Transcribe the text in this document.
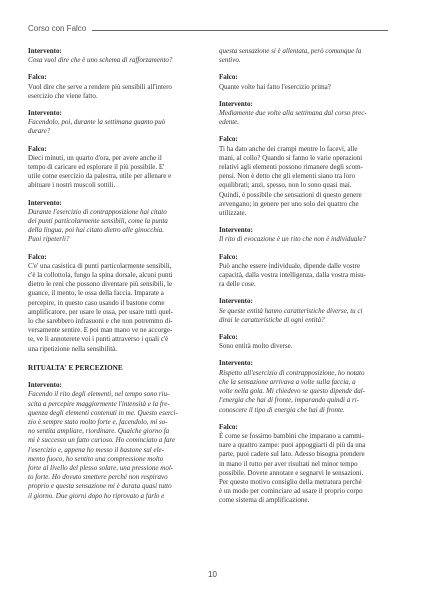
Corso con Falco
Intervento:
Cosa vuol dire che è uno schema di rafforzamento?
Falco:
Vuol dire che serve a rendere più sensibili all'intero
esercizio che viene fatto.
Intervento:
Facendolo, poi, durante la settimana quanto può
durare?
Falco:
Dieci minuti, un quarto d'ora, per avere anche il
tempo di caricare ed esplorare il più possibile. E'
utile come esercizio da palestra, utile per allenare e
abituare i nostri muscoli sottili.
Intervento:
Durante l'esercizio di contrapposizione hai citato
dei punti particolarmente sensibili, come la punta
della lingua, poi hai citato dietro alle ginocchia.
Puoi ripeterli?
Falco:
C'e' una casistica di punti particolarmente sensibili,
c'è la collottola, fungo la spina dorsale, alcuni punti
dietro le reni che possono diventare più sensibili, le
guance, il mento, le ossa della faccia. Imparate a
percepire, in questo caso usando il bastone come
amplificatore, per usare le ossa, per usare tutti quel-
lo che sarebbero infrasuoni e che non potremmo di-
versamente sentire. E poi man mano ve ne accorge-
te, ve li annoterete voi i punti attraverso i quali c'è
una ripetizione nella sensibilità.
RITUALTA' E PERCEZIONE
Intervento:
Facendo il rito degli elementi, nel tempo sono riu-
scita a percepire maggiormente l'intensità e la fre-
quenza degli elementi contenuti in me. Questo eserci-
zio è sempre stato molto forte e, facendolo, mi so-
no sentita ampliare, riordinare. Qualche giorno fa
mi è successo un fatto curioso. Ho cominciato a fare
l'esercizio e, appena ho messo il bastone sul ele-
mento fuoco, ho sentito una compressione molto
forte al livello del plesso solare, una pressione mol-
to forte. Ho dovuto smettere perché non respiravo
proprio e questa sensazione mi è durata quasi tutto
il giorno. Due giorni dopo ho riprovato a farlo e
questa sensazione si è allentata, però comunque la
sentivo.
Falco:
Quante volte hai fatto l'esercizio prima?
Intervento:
Mediamente due volte alla settimana dal corso prec-
edente.
Falco:
Ti ha dato anche dei crampi mentre lo facevi, alle
mani, al collo? Quando si fanno le varie operazioni
relativi agli elementi possono rimanere degli scom-
pensi. Non è detto che gli elementi siano tra loro
equilibrati; anzi, spesso, non lo sono quasi mai.
Quindi, è possibile che sensazioni di questo genere
avvengano; in genere per uno solo dei quattro che
utilizzate.
Intervento:
Il rito di evocazione è un rito che non è individuale?
Falco:
Può anche essere individuale, dipende dalle vostre
capacità, dalla vostra intelligenza, dalla vostra misu-
ra delle cose.
Intervento:
Se queste entità hanno caratteristiche diverse, tu ci
dirai le caratteristiche di ogni entità?
Falco:
Sono entità molto diverse.
Intervento:
Rispetto all'esercizio di contrapposizione, ho notato
che la sensazione arrivava a volte sulla faccia, a
volte nella gola. Mi chiedevo se questo dipende dal-
l'energia che hai di fronte, imparando quindi a ri-
conoscere il tipo di energia che hai di fronte.
Falco:
È come se fossimo bambini che imparano a cammi-
nare a quattro zampe: puoi appoggiarti di più da una
parte, puoi cadere sul lato. Adesso bisogna prendere
in mano il tutto per aver risultati nel minor tempo
possibile. Dovete annotare e segnarvi le sensazioni.
Per questo motivo consiglio della metratura perché
è un modo per cominciare ad usare il proprio corpo
come sistema di amplificazione.
10
